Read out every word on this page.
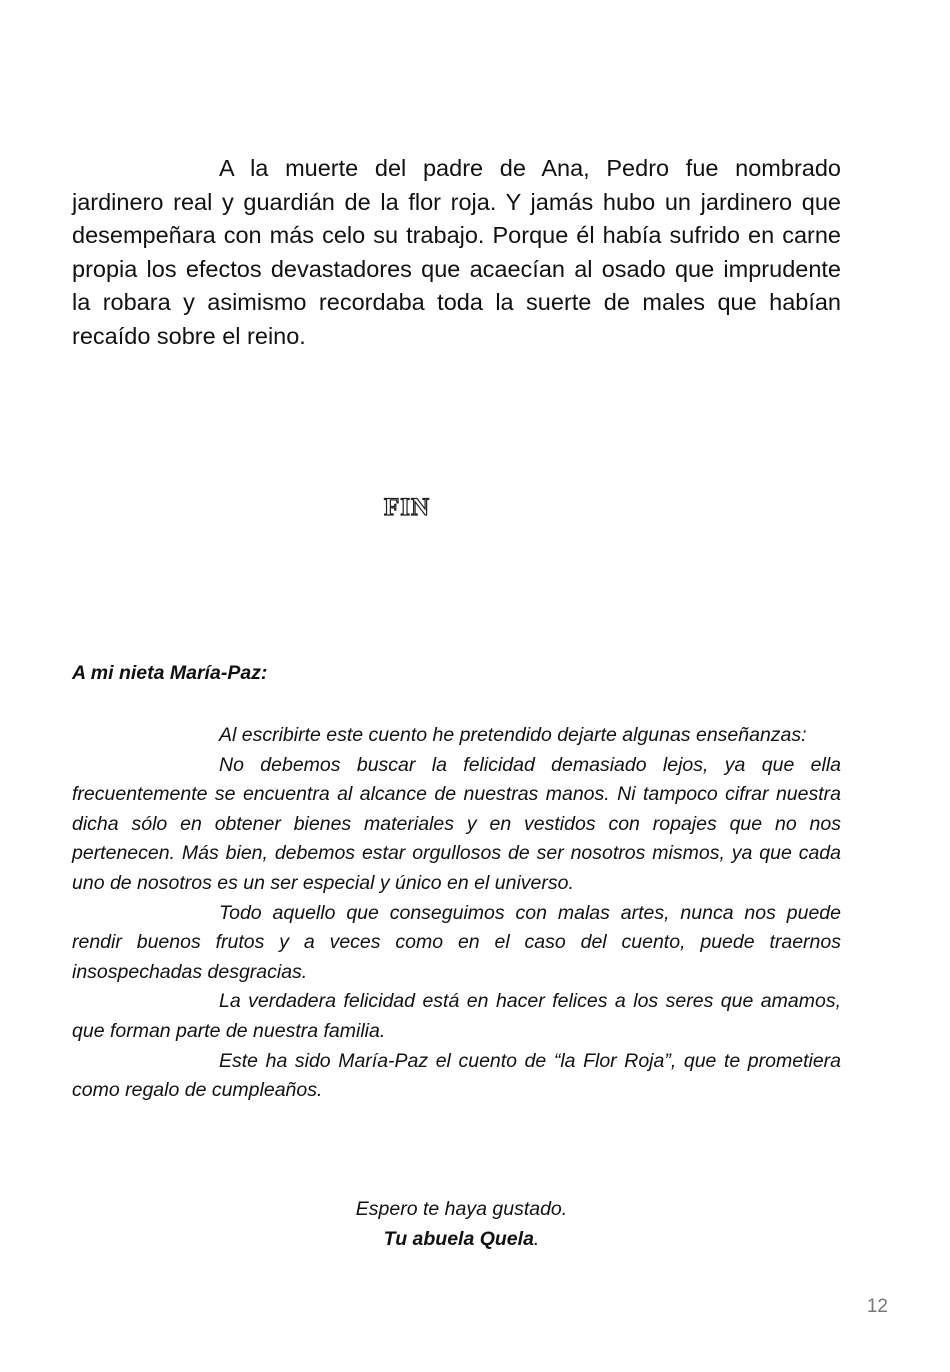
A la muerte del padre de Ana, Pedro fue nombrado jardinero real y guardián de la flor roja. Y jamás hubo un jardinero que desempeñara con más celo su trabajo. Porque él había sufrido en carne propia los efectos devastadores que acaecían al osado que imprudente la robara y asimismo recordaba toda la suerte de males que habían recaído sobre el reino.

FIN

A mi nieta María-Paz:

Al escribirte este cuento he pretendido dejarte algunas enseñanzas:

No debemos buscar la felicidad demasiado lejos, ya que ella frecuentemente se encuentra al alcance de nuestras manos. Ni tampoco cifrar nuestra dicha sólo en obtener bienes materiales y en vestidos con ropajes que no nos pertenecen. Más bien, debemos estar orgullosos de ser nosotros mismos, ya que cada uno de nosotros es un ser especial y único en el universo.

Todo aquello que conseguimos con malas artes, nunca nos puede rendir buenos frutos y a veces como en el caso del cuento, puede traernos insospechadas desgracias.

La verdadera felicidad está en hacer felices a los seres que amamos, que forman parte de nuestra familia.

Este ha sido María-Paz el cuento de “la Flor Roja”, que te prometiera como regalo de cumpleaños.

Espero te haya gustado.
Tu abuela Quela.

12
